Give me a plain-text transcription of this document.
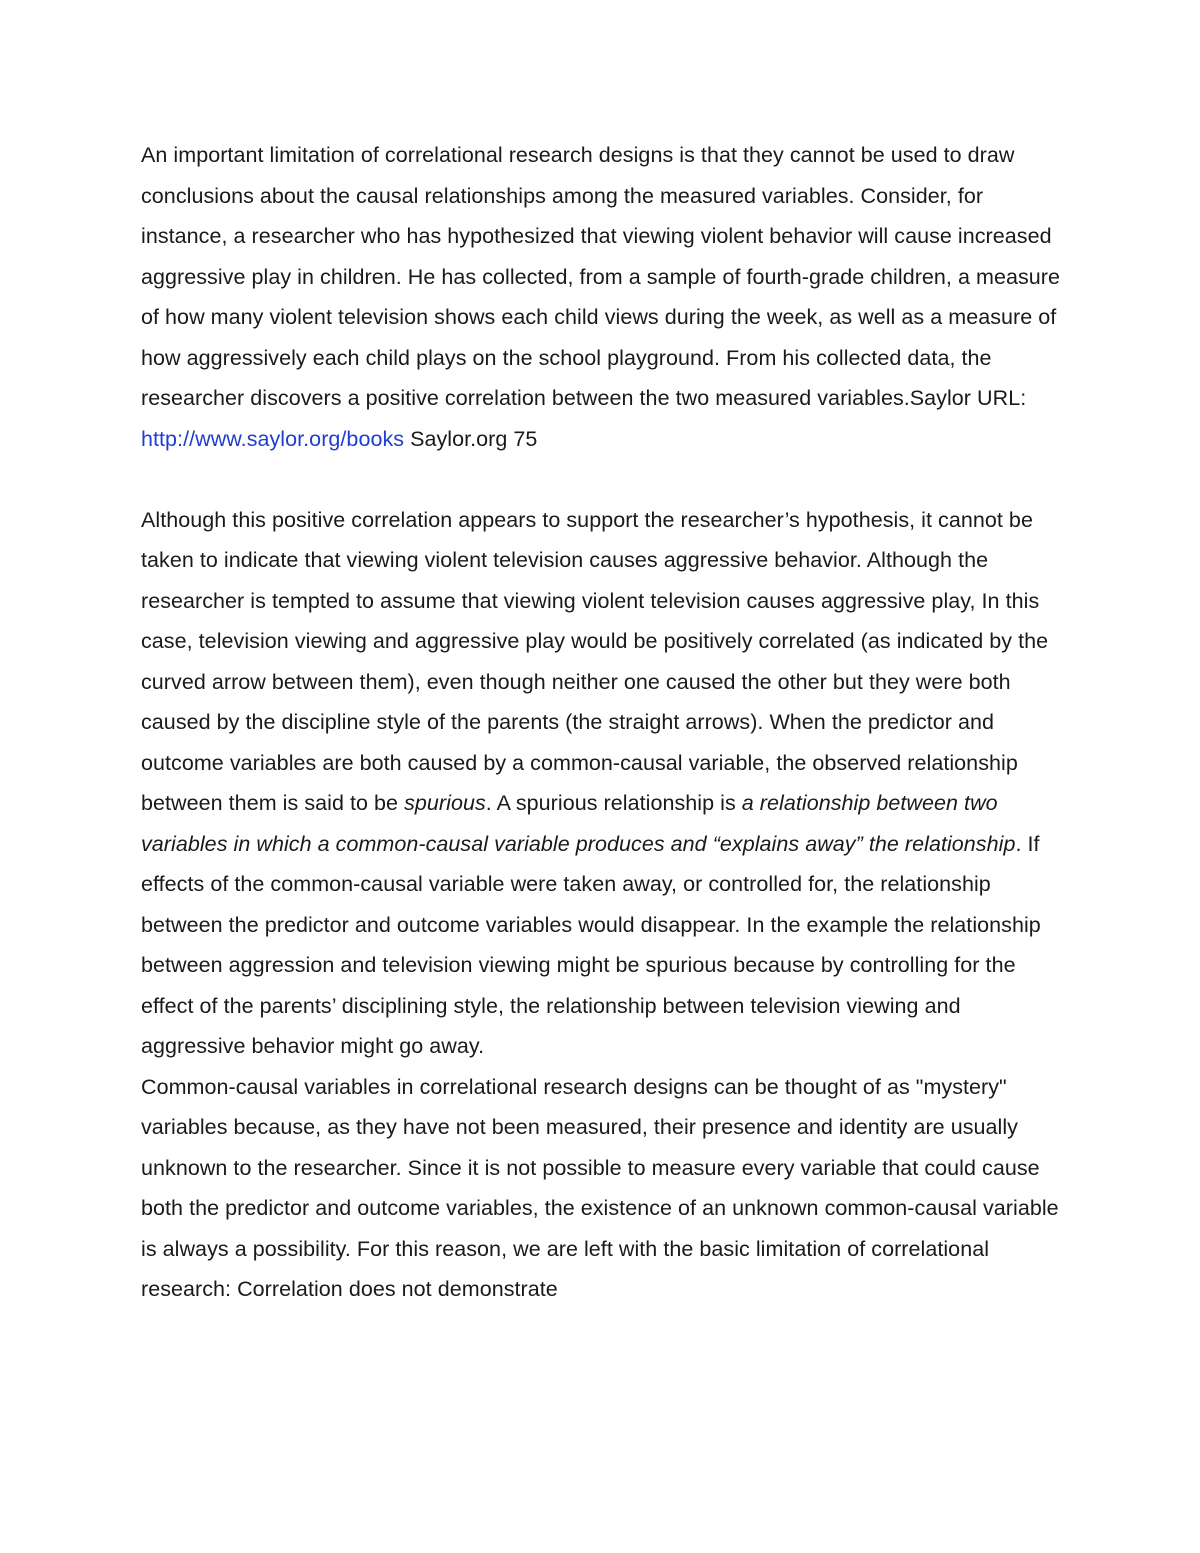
An important limitation of correlational research designs is that they cannot be used to draw conclusions about the causal relationships among the measured variables. Consider, for instance, a researcher who has hypothesized that viewing violent behavior will cause increased aggressive play in children. He has collected, from a sample of fourth-grade children, a measure of how many violent television shows each child views during the week, as well as a measure of how aggressively each child plays on the school playground. From his collected data, the researcher discovers a positive correlation between the two measured variables.Saylor URL:
http://www.saylor.org/books Saylor.org 75

Although this positive correlation appears to support the researcher’s hypothesis, it cannot be taken to indicate that viewing violent television causes aggressive behavior. Although the researcher is tempted to assume that viewing violent television causes aggressive play, In this case, television viewing and aggressive play would be positively correlated (as indicated by the curved arrow between them), even though neither one caused the other but they were both caused by the discipline style of the parents (the straight arrows). When the predictor and outcome variables are both caused by a common-causal variable, the observed relationship between them is said to be spurious. A spurious relationship is a relationship between two variables in which a common-causal variable produces and “explains away” the relationship. If effects of the common-causal variable were taken away, or controlled for, the relationship between the predictor and outcome variables would disappear. In the example the relationship between aggression and television viewing might be spurious because by controlling for the effect of the parents’ disciplining style, the relationship between television viewing and aggressive behavior might go away.

Common-causal variables in correlational research designs can be thought of as "mystery" variables because, as they have not been measured, their presence and identity are usually unknown to the researcher. Since it is not possible to measure every variable that could cause both the predictor and outcome variables, the existence of an unknown common-causal variable is always a possibility. For this reason, we are left with the basic limitation of correlational research: Correlation does not demonstrate
